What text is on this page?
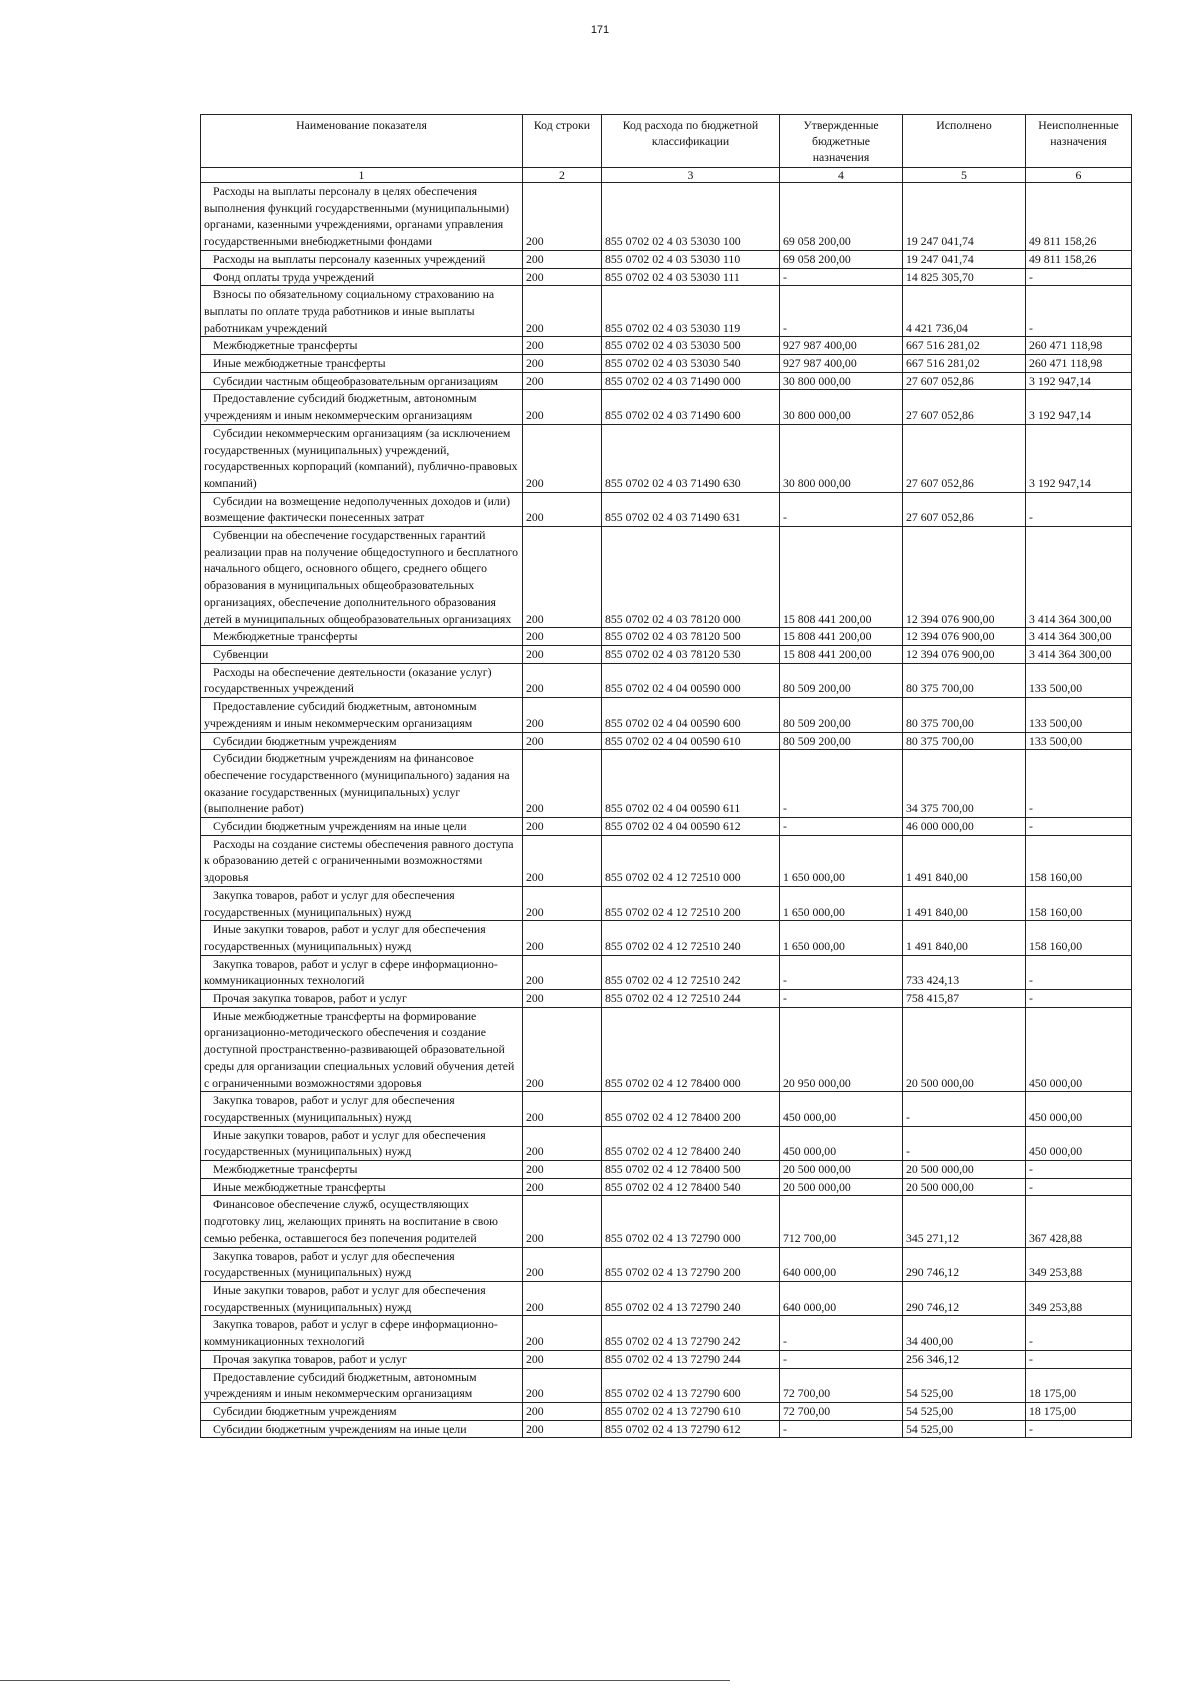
171
Наименование показателя	Код строки	Код расхода по бюджетной классификации	Утвержденные бюджетные назначения	Исполнено	Неисполненные назначения
1	2	3	4	5	6
Расходы на выплаты персоналу в целях обеспечения выполнения функций государственными (муниципальными) органами, казенными учреждениями, органами управления государственными внебюджетными фондами	200	855 0702 02 4 03 53030 100	69 058 200,00	19 247 041,74	49 811 158,26
Расходы на выплаты персоналу казенных учреждений	200	855 0702 02 4 03 53030 110	69 058 200,00	19 247 041,74	49 811 158,26
Фонд оплаты труда учреждений	200	855 0702 02 4 03 53030 111	-	14 825 305,70	-
Взносы по обязательному социальному страхованию на выплаты по оплате труда работников и иные выплаты работникам учреждений	200	855 0702 02 4 03 53030 119	-	4 421 736,04	-
Межбюджетные трансферты	200	855 0702 02 4 03 53030 500	927 987 400,00	667 516 281,02	260 471 118,98
Иные межбюджетные трансферты	200	855 0702 02 4 03 53030 540	927 987 400,00	667 516 281,02	260 471 118,98
Субсидии частным общеобразовательным организациям	200	855 0702 02 4 03 71490 000	30 800 000,00	27 607 052,86	3 192 947,14
Предоставление субсидий бюджетным, автономным учреждениям и иным некоммерческим организациям	200	855 0702 02 4 03 71490 600	30 800 000,00	27 607 052,86	3 192 947,14
Субсидии некоммерческим организациям (за исключением государственных (муниципальных) учреждений, государственных корпораций (компаний), публично-правовых компаний)	200	855 0702 02 4 03 71490 630	30 800 000,00	27 607 052,86	3 192 947,14
Субсидии на возмещение недополученных доходов и (или) возмещение фактически понесенных затрат	200	855 0702 02 4 03 71490 631	-	27 607 052,86	-
Субвенции на обеспечение государственных гарантий реализации прав на получение общедоступного и бесплатного начального общего, основного общего, среднего общего образования в муниципальных общеобразовательных организациях, обеспечение дополнительного образования детей в муниципальных общеобразовательных организациях	200	855 0702 02 4 03 78120 000	15 808 441 200,00	12 394 076 900,00	3 414 364 300,00
Межбюджетные трансферты	200	855 0702 02 4 03 78120 500	15 808 441 200,00	12 394 076 900,00	3 414 364 300,00
Субвенции	200	855 0702 02 4 03 78120 530	15 808 441 200,00	12 394 076 900,00	3 414 364 300,00
Расходы на обеспечение деятельности (оказание услуг) государственных учреждений	200	855 0702 02 4 04 00590 000	80 509 200,00	80 375 700,00	133 500,00
Предоставление субсидий бюджетным, автономным учреждениям и иным некоммерческим организациям	200	855 0702 02 4 04 00590 600	80 509 200,00	80 375 700,00	133 500,00
Субсидии бюджетным учреждениям	200	855 0702 02 4 04 00590 610	80 509 200,00	80 375 700,00	133 500,00
Субсидии бюджетным учреждениям на финансовое обеспечение государственного (муниципального) задания на оказание государственных (муниципальных) услуг (выполнение работ)	200	855 0702 02 4 04 00590 611	-	34 375 700,00	-
Субсидии бюджетным учреждениям на иные цели	200	855 0702 02 4 04 00590 612	-	46 000 000,00	-
Расходы на создание системы обеспечения равного доступа к образованию детей с ограниченными возможностями здоровья	200	855 0702 02 4 12 72510 000	1 650 000,00	1 491 840,00	158 160,00
Закупка товаров, работ и услуг для обеспечения государственных (муниципальных) нужд	200	855 0702 02 4 12 72510 200	1 650 000,00	1 491 840,00	158 160,00
Иные закупки товаров, работ и услуг для обеспечения государственных (муниципальных) нужд	200	855 0702 02 4 12 72510 240	1 650 000,00	1 491 840,00	158 160,00
Закупка товаров, работ и услуг в сфере информационно-коммуникационных технологий	200	855 0702 02 4 12 72510 242	-	733 424,13	-
Прочая закупка товаров, работ и услуг	200	855 0702 02 4 12 72510 244	-	758 415,87	-
Иные межбюджетные трансферты на формирование организационно-методического обеспечения и создание доступной пространственно-развивающей образовательной среды для организации специальных условий обучения детей с ограниченными возможностями здоровья	200	855 0702 02 4 12 78400 000	20 950 000,00	20 500 000,00	450 000,00
Закупка товаров, работ и услуг для обеспечения государственных (муниципальных) нужд	200	855 0702 02 4 12 78400 200	450 000,00	-	450 000,00
Иные закупки товаров, работ и услуг для обеспечения государственных (муниципальных) нужд	200	855 0702 02 4 12 78400 240	450 000,00	-	450 000,00
Межбюджетные трансферты	200	855 0702 02 4 12 78400 500	20 500 000,00	20 500 000,00	-
Иные межбюджетные трансферты	200	855 0702 02 4 12 78400 540	20 500 000,00	20 500 000,00	-
Финансовое обеспечение служб, осуществляющих подготовку лиц, желающих принять на воспитание в свою семью ребенка, оставшегося без попечения родителей	200	855 0702 02 4 13 72790 000	712 700,00	345 271,12	367 428,88
Закупка товаров, работ и услуг для обеспечения государственных (муниципальных) нужд	200	855 0702 02 4 13 72790 200	640 000,00	290 746,12	349 253,88
Иные закупки товаров, работ и услуг для обеспечения государственных (муниципальных) нужд	200	855 0702 02 4 13 72790 240	640 000,00	290 746,12	349 253,88
Закупка товаров, работ и услуг в сфере информационно-коммуникационных технологий	200	855 0702 02 4 13 72790 242	-	34 400,00	-
Прочая закупка товаров, работ и услуг	200	855 0702 02 4 13 72790 244	-	256 346,12	-
Предоставление субсидий бюджетным, автономным учреждениям и иным некоммерческим организациям	200	855 0702 02 4 13 72790 600	72 700,00	54 525,00	18 175,00
Субсидии бюджетным учреждениям	200	855 0702 02 4 13 72790 610	72 700,00	54 525,00	18 175,00
Субсидии бюджетным учреждениям на иные цели	200	855 0702 02 4 13 72790 612	-	54 525,00	-
